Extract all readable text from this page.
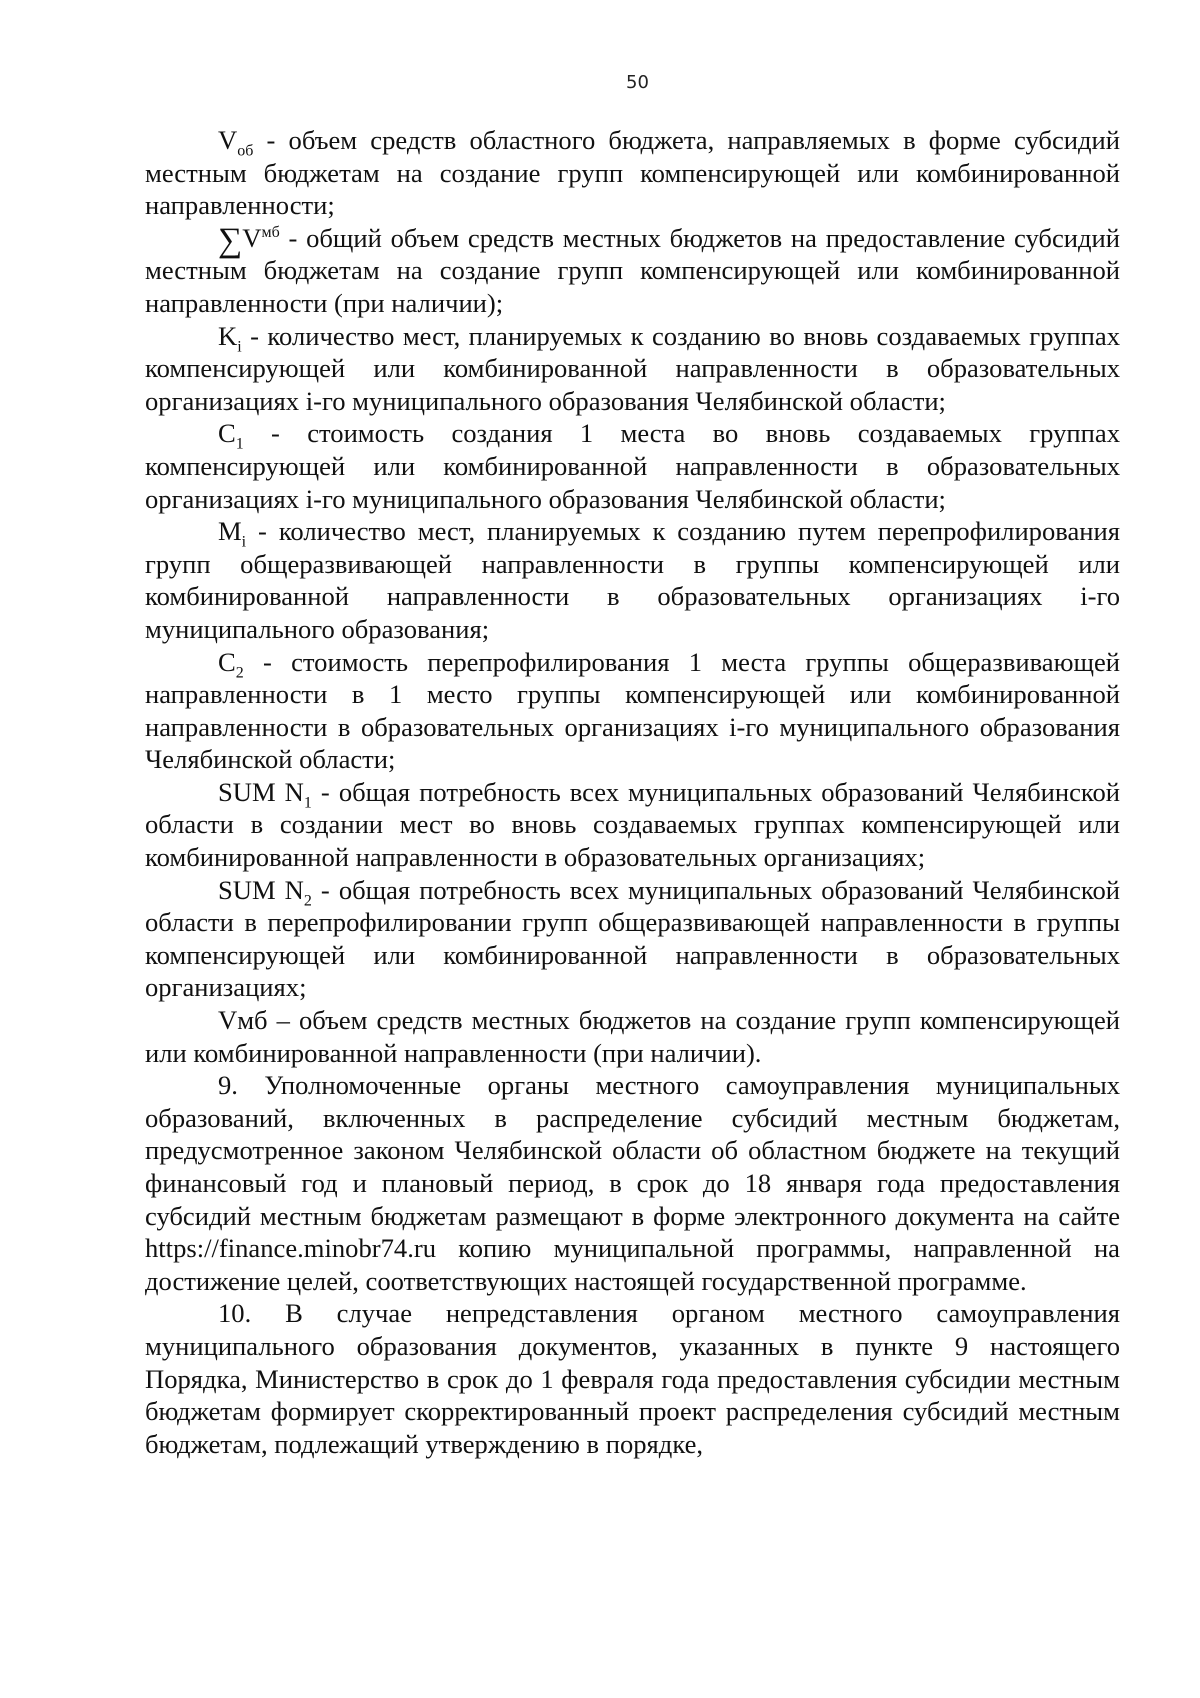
50

$V_{об}$ - объем средств областного бюджета, направляемых в форме субсидий местным бюджетам на создание групп компенсирующей или комбинированной направленности;

$\sum V^{мб}$ - общий объем средств местных бюджетов на предоставление субсидий местным бюджетам на создание групп компенсирующей или комбинированной направленности (при наличии);

$K_i$ - количество мест, планируемых к созданию во вновь создаваемых группах компенсирующей или комбинированной направленности в образовательных организациях i-го муниципального образования Челябинской области;

$C_1$ - стоимость создания 1 места во вновь создаваемых группах компенсирующей или комбинированной направленности в образовательных организациях i-го муниципального образования Челябинской области;

$M_i$ - количество мест, планируемых к созданию путем перепрофилирования групп общеразвивающей направленности в группы компенсирующей или комбинированной направленности в образовательных организациях i-го муниципального образования;

$C_2$ - стоимость перепрофилирования 1 места группы общеразвивающей направленности в 1 место группы компенсирующей или комбинированной направленности в образовательных организациях i-го муниципального образования Челябинской области;

SUM $N_1$ - общая потребность всех муниципальных образований Челябинской области в создании мест во вновь создаваемых группах компенсирующей или комбинированной направленности в образовательных организациях;

SUM $N_2$ - общая потребность всех муниципальных образований Челябинской области в перепрофилировании групп общеразвивающей направленности в группы компенсирующей или комбинированной направленности в образовательных организациях;

Vмб – объем средств местных бюджетов на создание групп компенсирующей или комбинированной направленности (при наличии).

9. Уполномоченные органы местного самоуправления муниципальных образований, включенных в распределение субсидий местным бюджетам, предусмотренное законом Челябинской области об областном бюджете на текущий финансовый год и плановый период, в срок до 18 января года предоставления субсидий местным бюджетам размещают в форме электронного документа на сайте https://finance.minobr74.ru копию муниципальной программы, направленной на достижение целей, соответствующих настоящей государственной программе.

10. В случае непредставления органом местного самоуправления муниципального образования документов, указанных в пункте 9 настоящего Порядка, Министерство в срок до 1 февраля года предоставления субсидии местным бюджетам формирует скорректированный проект распределения субсидий местным бюджетам, подлежащий утверждению в порядке,
